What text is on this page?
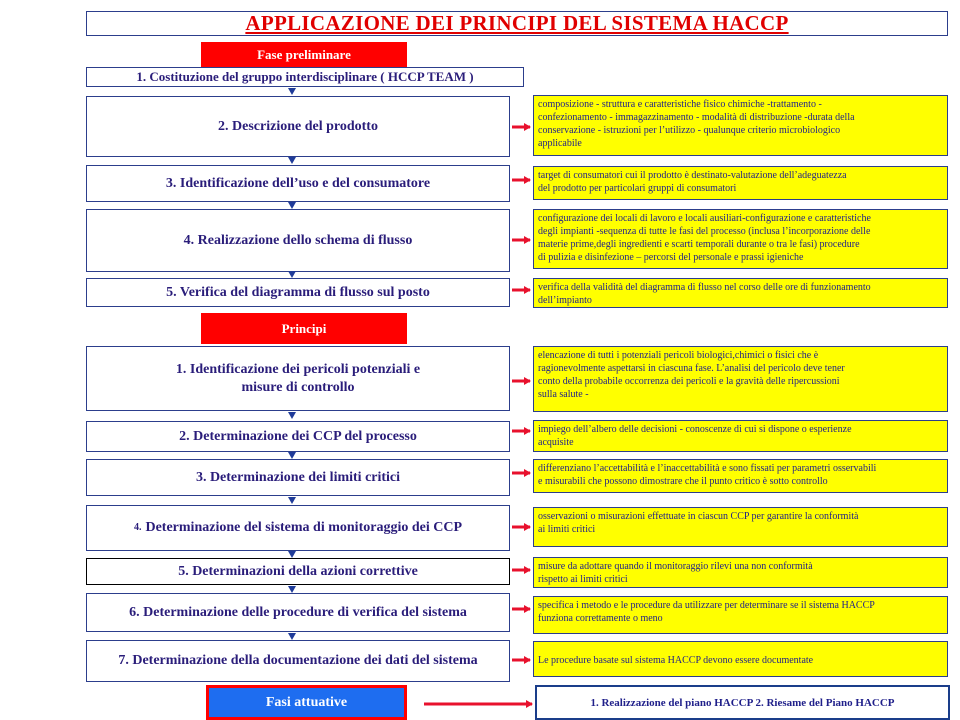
APPLICAZIONE DEI PRINCIPI DEL SISTEMA HACCP
Fase preliminare
1. Costituzione del gruppo interdisciplinare ( HCCP TEAM )
2. Descrizione del prodotto
3. Identificazione dell’uso e del consumatore
4. Realizzazione dello schema di flusso
5. Verifica del diagramma di flusso sul posto
composizione - struttura e caratteristiche fisico chimiche -trattamento -
confezionamento - immagazzinamento - modalità di distribuzione -durata della
conservazione - istruzioni per l’utilizzo - qualunque criterio microbiologico
applicabile
target di consumatori cui il prodotto è destinato-valutazione dell’adeguatezza
del prodotto per particolari gruppi di consumatori
configurazione dei locali di lavoro e locali ausiliari-configurazione e caratteristiche
degli impianti -sequenza di tutte le fasi del processo (inclusa l’incorporazione delle
materie prime,degli ingredienti e scarti temporali durante o tra le fasi) procedure
di pulizia e disinfezione – percorsi del personale e prassi igieniche
verifica della validità del diagramma di flusso nel corso delle ore di funzionamento
dell’impianto
Principi
1. Identificazione dei pericoli potenziali e
misure di controllo
2. Determinazione dei CCP del processo
3. Determinazione dei limiti critici
4. Determinazione del sistema di monitoraggio dei CCP
5. Determinazioni della azioni correttive
6. Determinazione delle procedure di verifica del sistema
7. Determinazione della documentazione dei dati del sistema
elencazione di tutti i potenziali pericoli biologici,chimici o fisici che è
ragionevolmente aspettarsi in ciascuna fase. L’analisi del pericolo deve tener
conto della probabile occorrenza dei pericoli e la gravità delle ripercussioni
sulla salute -
impiego dell’albero delle decisioni - conoscenze di cui si dispone o esperienze
acquisite
differenziano l’accettabilità e l’inaccettabilità e sono fissati per parametri osservabili
e misurabili che possono dimostrare che il punto critico è sotto controllo
osservazioni o misurazioni effettuate in ciascun CCP per garantire la conformità
ai limiti critici
misure da adottare quando il monitoraggio rilevi una non conformità
rispetto ai limiti critici
specifica i metodo e le procedure da utilizzare per determinare se il sistema HACCP
funziona correttamente o meno
Le procedure basate sul sistema HACCP devono essere documentate
Fasi attuative	1. Realizzazione del piano HACCP 2. Riesame del Piano HACCP
